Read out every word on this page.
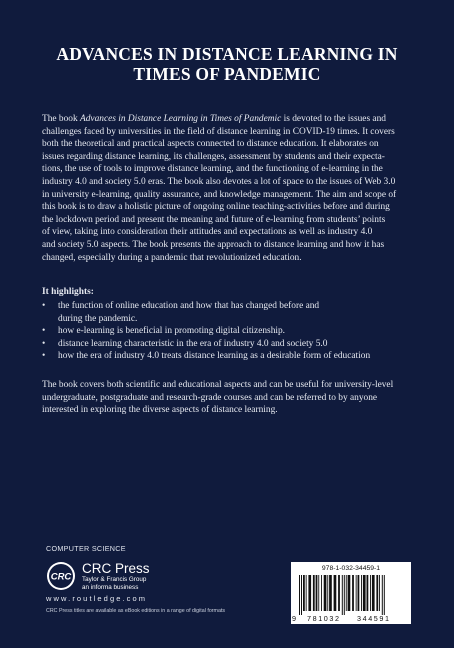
ADVANCES IN DISTANCE LEARNING IN
TIMES OF PANDEMIC
The book Advances in Distance Learning in Times of Pandemic is devoted to the issues and
challenges faced by universities in the field of distance learning in COVID-19 times. It covers
both the theoretical and practical aspects connected to distance education. It elaborates on
issues regarding distance learning, its challenges, assessment by students and their expecta-
tions, the use of tools to improve distance learning, and the functioning of e-learning in the
industry 4.0 and society 5.0 eras. The book also devotes a lot of space to the issues of Web 3.0
in university e-learning, quality assurance, and knowledge management. The aim and scope of
this book is to draw a holistic picture of ongoing online teaching-activities before and during
the lockdown period and present the meaning and future of e-learning from students’ points
of view, taking into consideration their attitudes and expectations as well as industry 4.0
and society 5.0 aspects. The book presents the approach to distance learning and how it has
changed, especially during a pandemic that revolutionized education.
It highlights:
• the function of online education and how that has changed before and during the pandemic.
• how e-learning is beneficial in promoting digital citizenship.
• distance learning characteristic in the era of industry 4.0 and society 5.0
• how the era of industry 4.0 treats distance learning as a desirable form of education
The book covers both scientific and educational aspects and can be useful for university-level
undergraduate, postgraduate and research-grade courses and can be referred to by anyone
interested in exploring the diverse aspects of distance learning.
COMPUTER SCIENCE
CRC
CRC Press
Taylor & Francis Group
an informa business
www.routledge.com
CRC Press titles are available as eBook editions in a range of digital formats
978-1-032-34459-1
9 781032 344591
